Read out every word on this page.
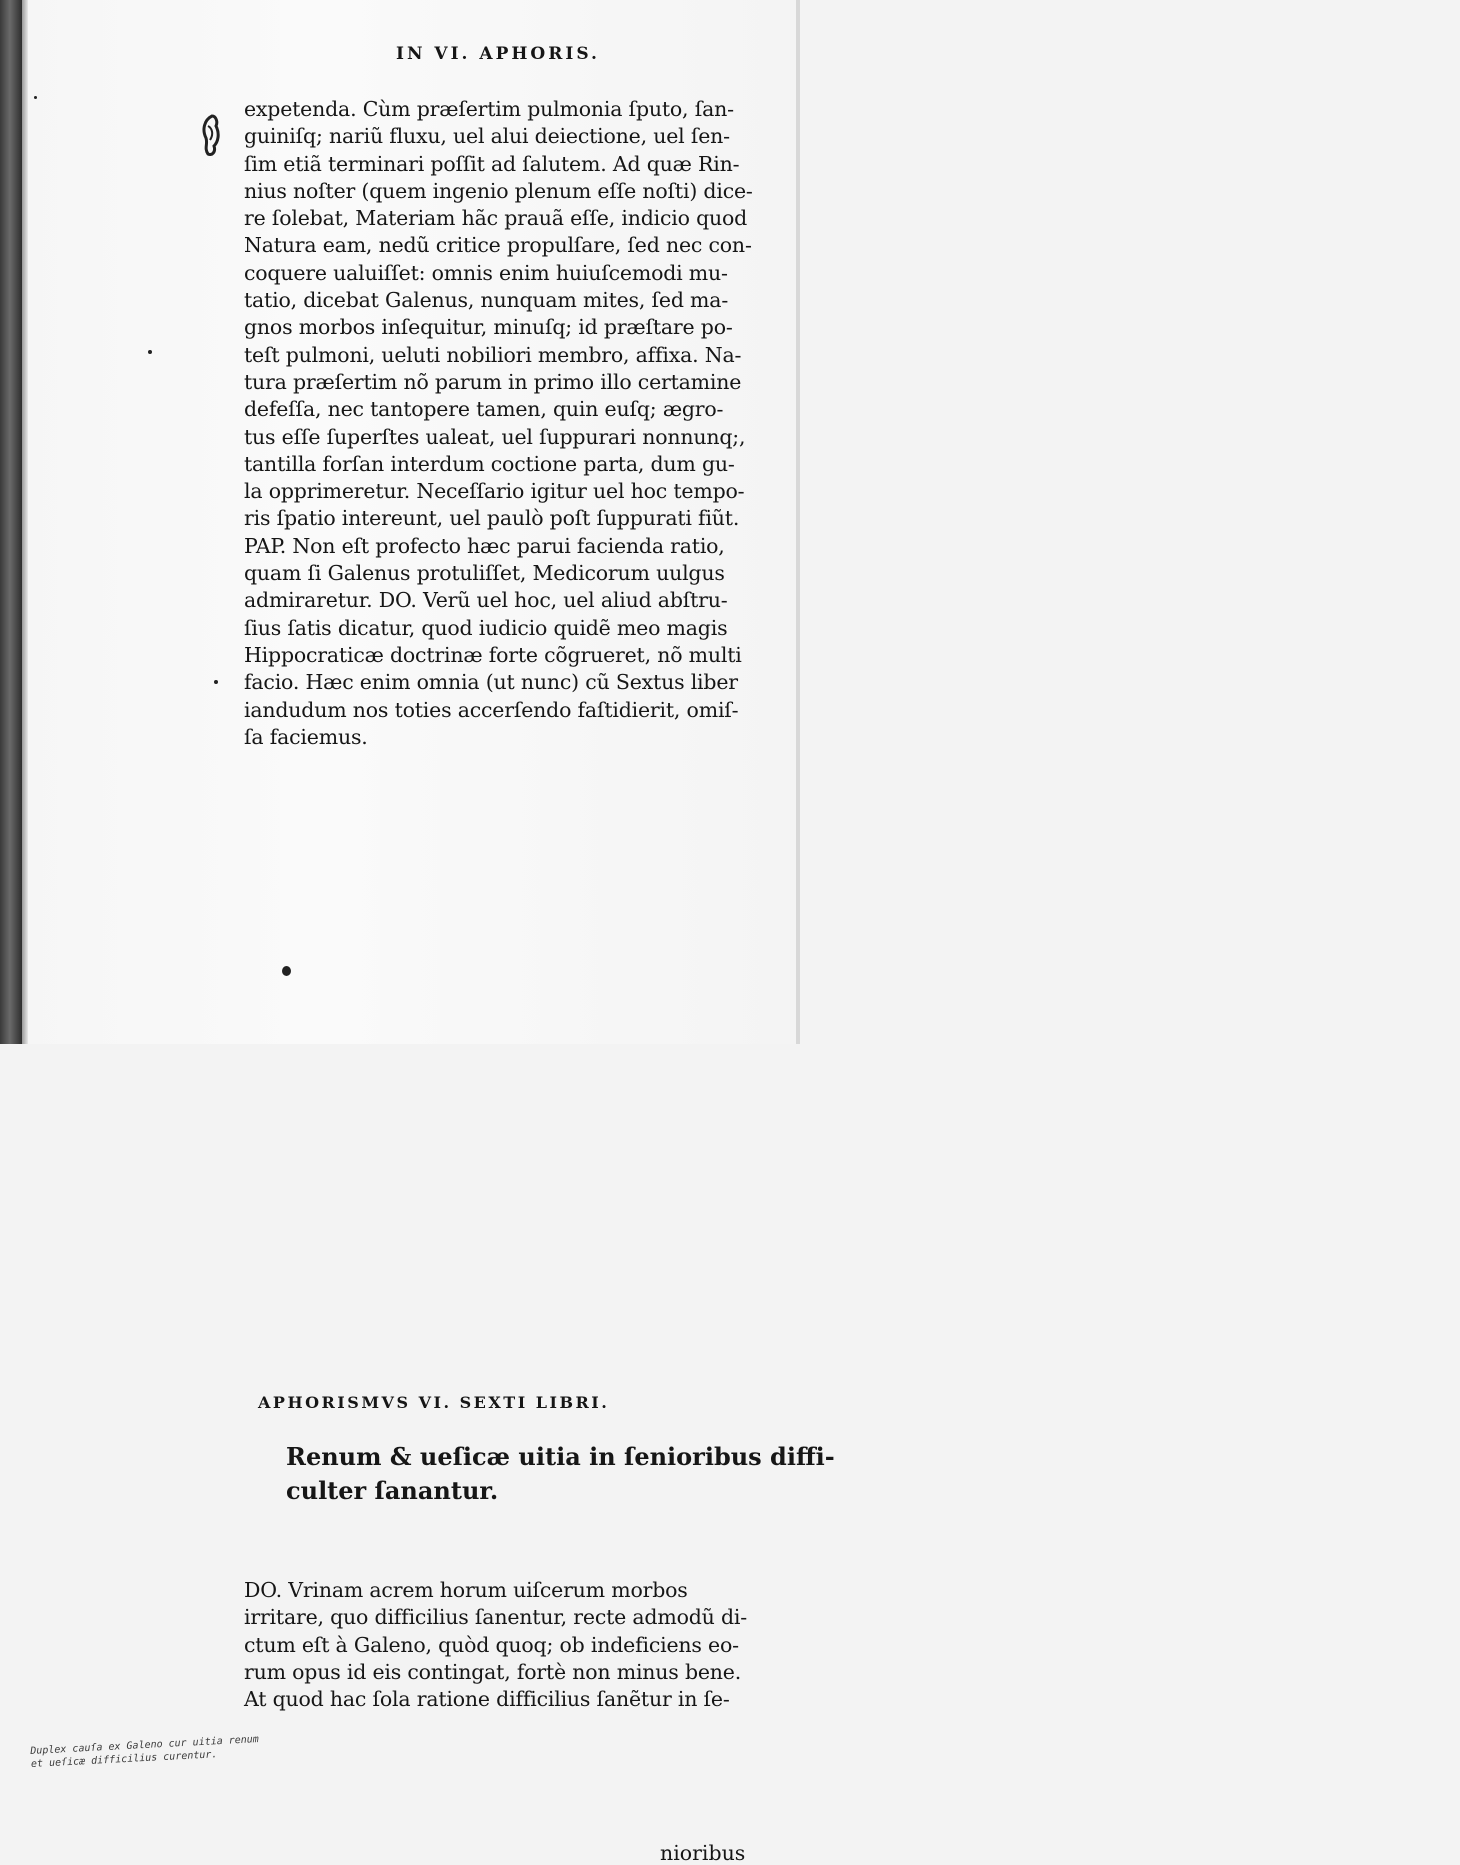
IN VI. APHORIS.
expetenda. Cùm præſertim pulmonia ſputo, ſan-
guiniſq; nariũ fluxu, uel alui deiectione, uel ſen-
ſim etiã terminari poſſit ad ſalutem. Ad quæ Rin-
nius noſter (quem ingenio plenum eſſe noſti) dice-
re ſolebat, Materiam hãc prauã eſſe, indicio quod
Natura eam, nedũ critice propulſare, ſed nec con-
coquere ualuiſſet: omnis enim huiuſcemodi mu-
tatio, dicebat Galenus, nunquam mites, ſed ma-
gnos morbos inſequitur, minuſq; id præſtare po-
teſt pulmoni, ueluti nobiliori membro, affixa. Na-
tura præſertim nõ parum in primo illo certamine
defeſſa, nec tantopere tamen, quin euſq; ægro-
tus eſſe ſuperſtes ualeat, uel ſuppurari nonnunq;,
tantilla forſan interdum coctione parta, dum gu-
la opprimeretur. Neceſſario igitur uel hoc tempo-
ris ſpatio intereunt, uel paulò poſt ſuppurati fiũt.
PAP. Non eſt profecto hæc parui facienda ratio,
quam ſi Galenus protuliſſet, Medicorum uulgus
admiraretur. DO. Verũ uel hoc, uel aliud abſtru-
ſius ſatis dicatur, quod iudicio quidẽ meo magis
Hippocraticæ doctrinæ forte cõgrueret, nõ multi
facio. Hæc enim omnia (ut nunc) cũ Sextus liber
iandudum nos toties accerſendo faſtidierit, omiſ-
ſa faciemus.
APHORISMVS VI. SEXTI LIBRI.
Renum & ueſicæ uitia in ſenioribus diffi-
culter ſanantur.
DO. Vrinam acrem horum uiſcerum morbos
irritare, quo difficilius ſanentur, recte admodũ di-
ctum eſt à Galeno, quòd quoq; ob indeficiens eo-
rum opus id eis contingat, fortè non minus bene.
At quod hac ſola ratione difficilius ſanẽtur in ſe-
nioribus
Duplex cauſa ex Galeno cur uitia renum et ueſicæ difficilius curentur.
